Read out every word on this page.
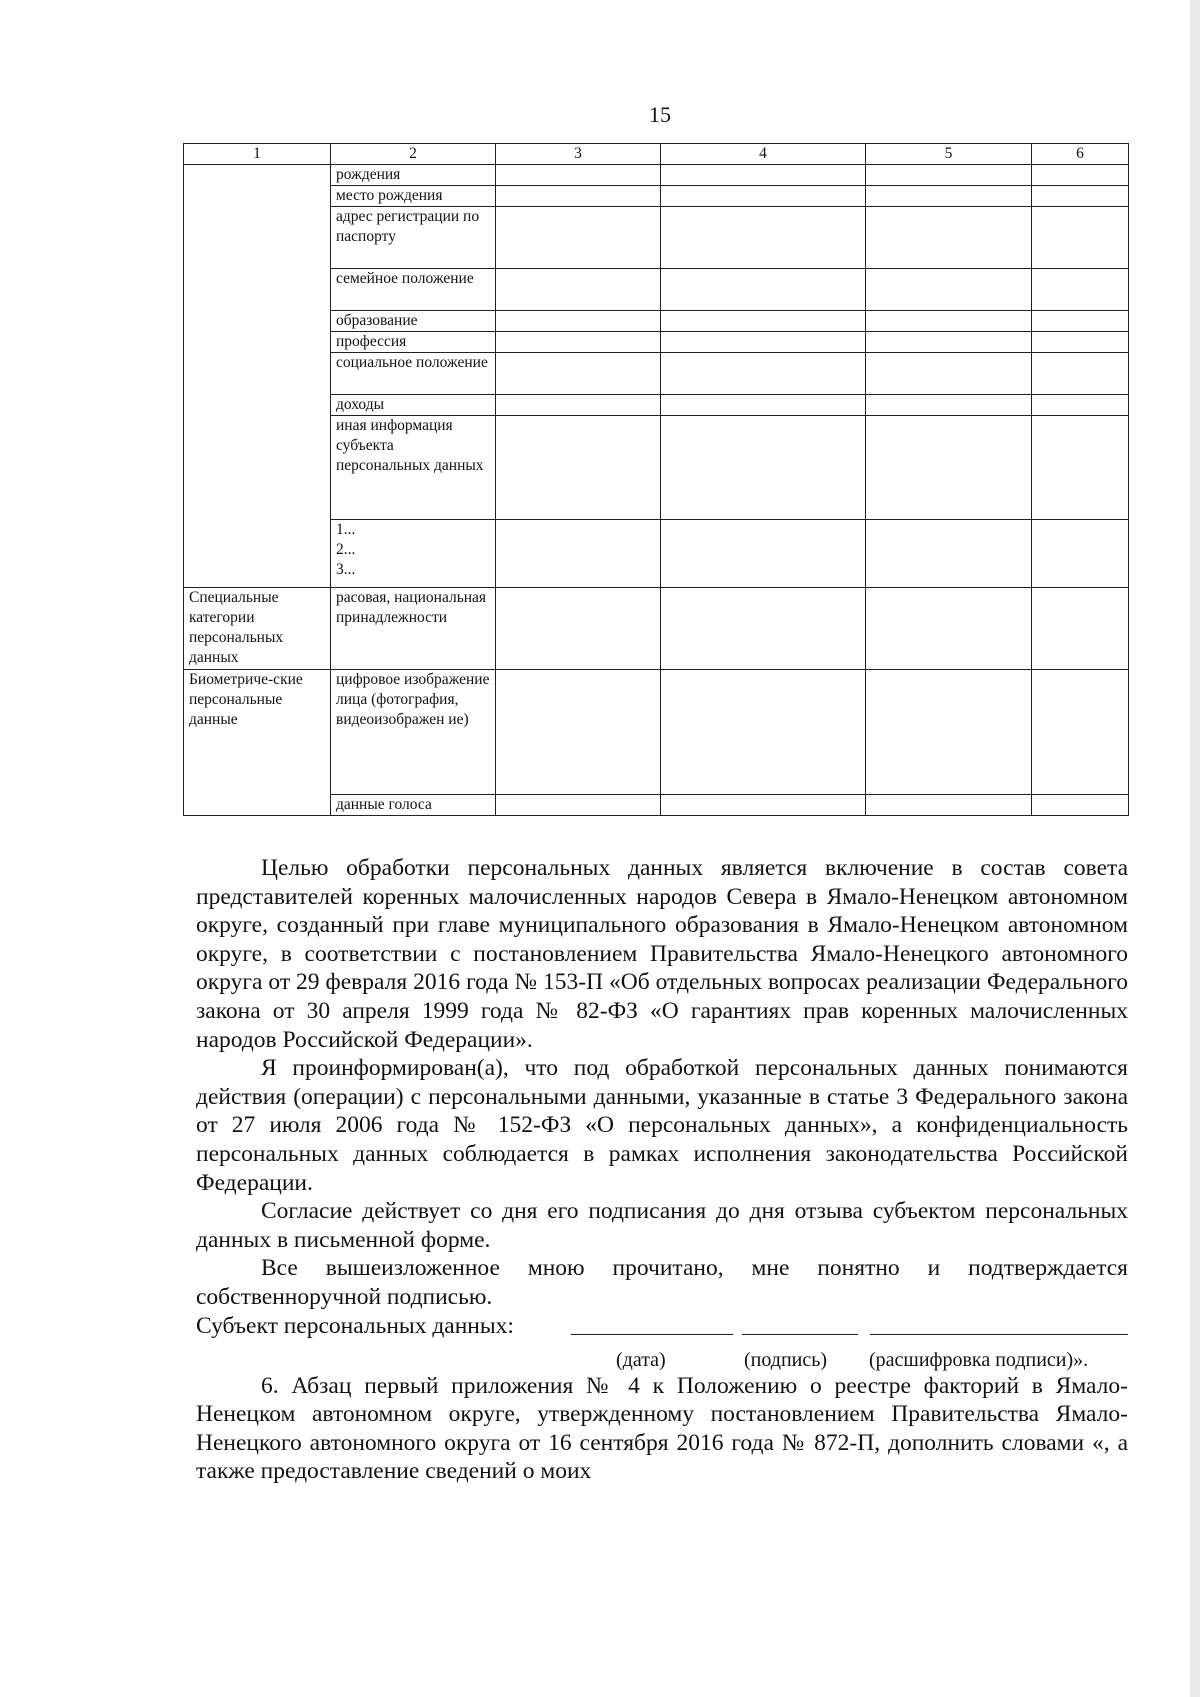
15
1	2	3	4	5	6
	рождения				
	место рождения				
	адрес регистрации по паспорту				
	семейное положение				
	образование				
	профессия				
	социальное положение				
	доходы				
	иная информация субъекта персональных данных				
	1...
2...
3...				
Специальные категории персональных данных	расовая, национальная принадлежности				
Биометриче-ские персональные данные	цифровое изображение лица (фотография, видеоизображен ие)				
	данные голоса				

Целью обработки персональных данных является включение в состав совета представителей коренных малочисленных народов Севера в Ямало-Ненецком автономном округе, созданный при главе муниципального образования в Ямало-Ненецком автономном округе, в соответствии с постановлением Правительства Ямало-Ненецкого автономного округа от 29 февраля 2016 года № 153-П «Об отдельных вопросах реализации Федерального закона от 30 апреля 1999 года № 82-ФЗ «О гарантиях прав коренных малочисленных народов Российской Федерации».

Я проинформирован(а), что под обработкой персональных данных понимаются действия (операции) с персональными данными, указанные в статье 3 Федерального закона от 27 июля 2006 года № 152-ФЗ «О персональных данных», а конфиденциальность персональных данных соблюдается в рамках исполнения законодательства Российской Федерации.

Согласие действует со дня его подписания до дня отзыва субъектом персональных данных в письменной форме.

Все вышеизложенное мною прочитано, мне понятно и подтверждается собственноручной подписью.

Субъект персональных данных:
(дата)	(подпись) (расшифровка подписи)».

6. Абзац первый приложения № 4 к Положению о реестре факторий в Ямало-Ненецком автономном округе, утвержденному постановлением Правительства Ямало-Ненецкого автономного округа от 16 сентября 2016 года № 872-П, дополнить словами «, а также предоставление сведений о моих
